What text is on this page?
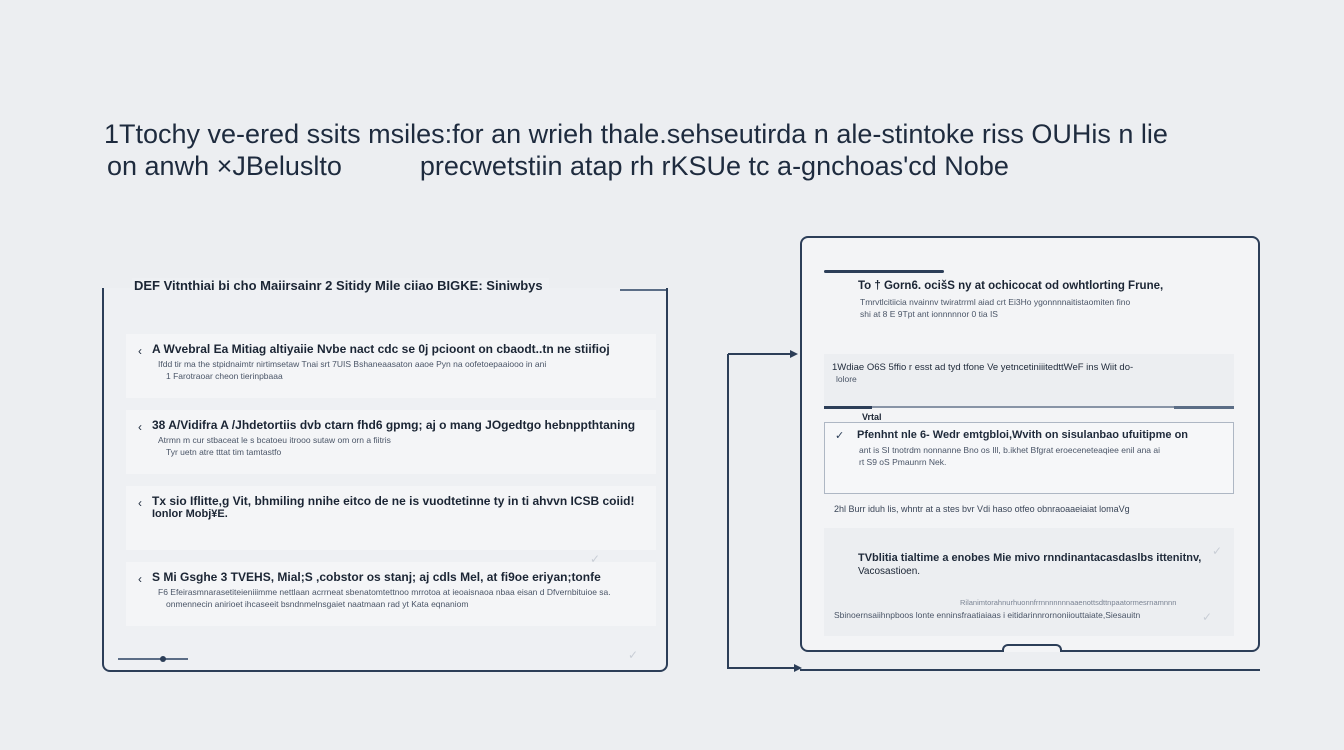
1Ttochy ve-ered ssits msiles:for an wrieh thale.sehseutirda n ale-stintoke riss OUHis n lie
on anwh ×JBeluslto	precwetstiin atap rh rKSUe tc a-gnchoas'cd Nobe
DEF Vitnthiai bi cho Maiirsainr 2 Sitidy Mile ciiao BIGKE: Siniwbys
‹ A Wvebral Ea Mitiag altiyaiie Nvbe nact cdc se 0j pcioont on cbaodt..tn ne stiifioj
Ifdd tir ma the stpidnaimtr nirtimsetaw Tnai srt 7UIS Bshaneaasaton aaoe Pyn na oofetoepaaiooo in ani
1 Farotraoar cheon tierinpbaaa
‹ 38 A/Vidifra A /Jhdetortiis dvb ctarn fhd6 gpmg; aj o mang JOgedtgo hebnppthtaning
Atrmn m cur stbaceat le s bcatoeu itrooo sutaw om orn a fiitris
Tyr uetn atre tttat tim tamtastfo
‹ Tx sio Iflitte,g Vit, bhmiling nnihe eitco de ne is vuodtetinne ty in ti ahvvn ICSB coiid!
Ionlor Mobj¥E.
‹ S Mi Gsghe 3 TVEHS, Mial;S ,cobstor os stanj; aj cdls Mel, at fi9oe eriyan;tonfe
F6 Efeirasmnarasetiteieniiimme nettlaan acrrneat sbenatomtettnoo mrrotoa at ieoaisnaoa nbaa eisan d Dfvernbituioe sa.
onmennecin anirioet ihcaseeit bsndnmelnsgaiet naatmaan rad yt Kata eqnaniom
✓
✓
To † Gorn6. ocišS ny at ochicocat od owhtlorting Frune,
Tmrvtlcitiicia nvainnv twiratrrml aiad crt Ei3Ho ygonnnnaitistaomiten fino
shi at 8 E 9Tpt ant ionnnnnor 0 tia IS
1Wdiae O6S 5ffio r esst ad tyd tfone Ve yetncetiniiitedttWeF ins Wiit do-
lolore
Vrtal
✓ Pfenhnt nle 6- Wedr emtgbloi,Wvith on sisulanbao ufuitipme on
ant is SI tnotrdm nonnanne Bno os Ill, b.ikhet Bfgrat eroeceneteaqiee enil ana ai
rt S9 oS Pmaunrn Nek.
2hl Burr iduh lis, whntr at a stes bvr Vdi haso otfeo obnraoaaeiaiat lomaVg
TVblitia tialtime a enobes Mie mivo rnndinantacasdaslbs ittenitnv,
Vacosastioen.
Rilanimtorahnurhuonnfrrnnnnnnnaaenottsdttnpaatormesrnamnnn
Sbinoernsaiihnpboos lonte enninsfraatiaiaas i eitidarinnrornoniiouttaiate,Siesauitn
✓
✓
